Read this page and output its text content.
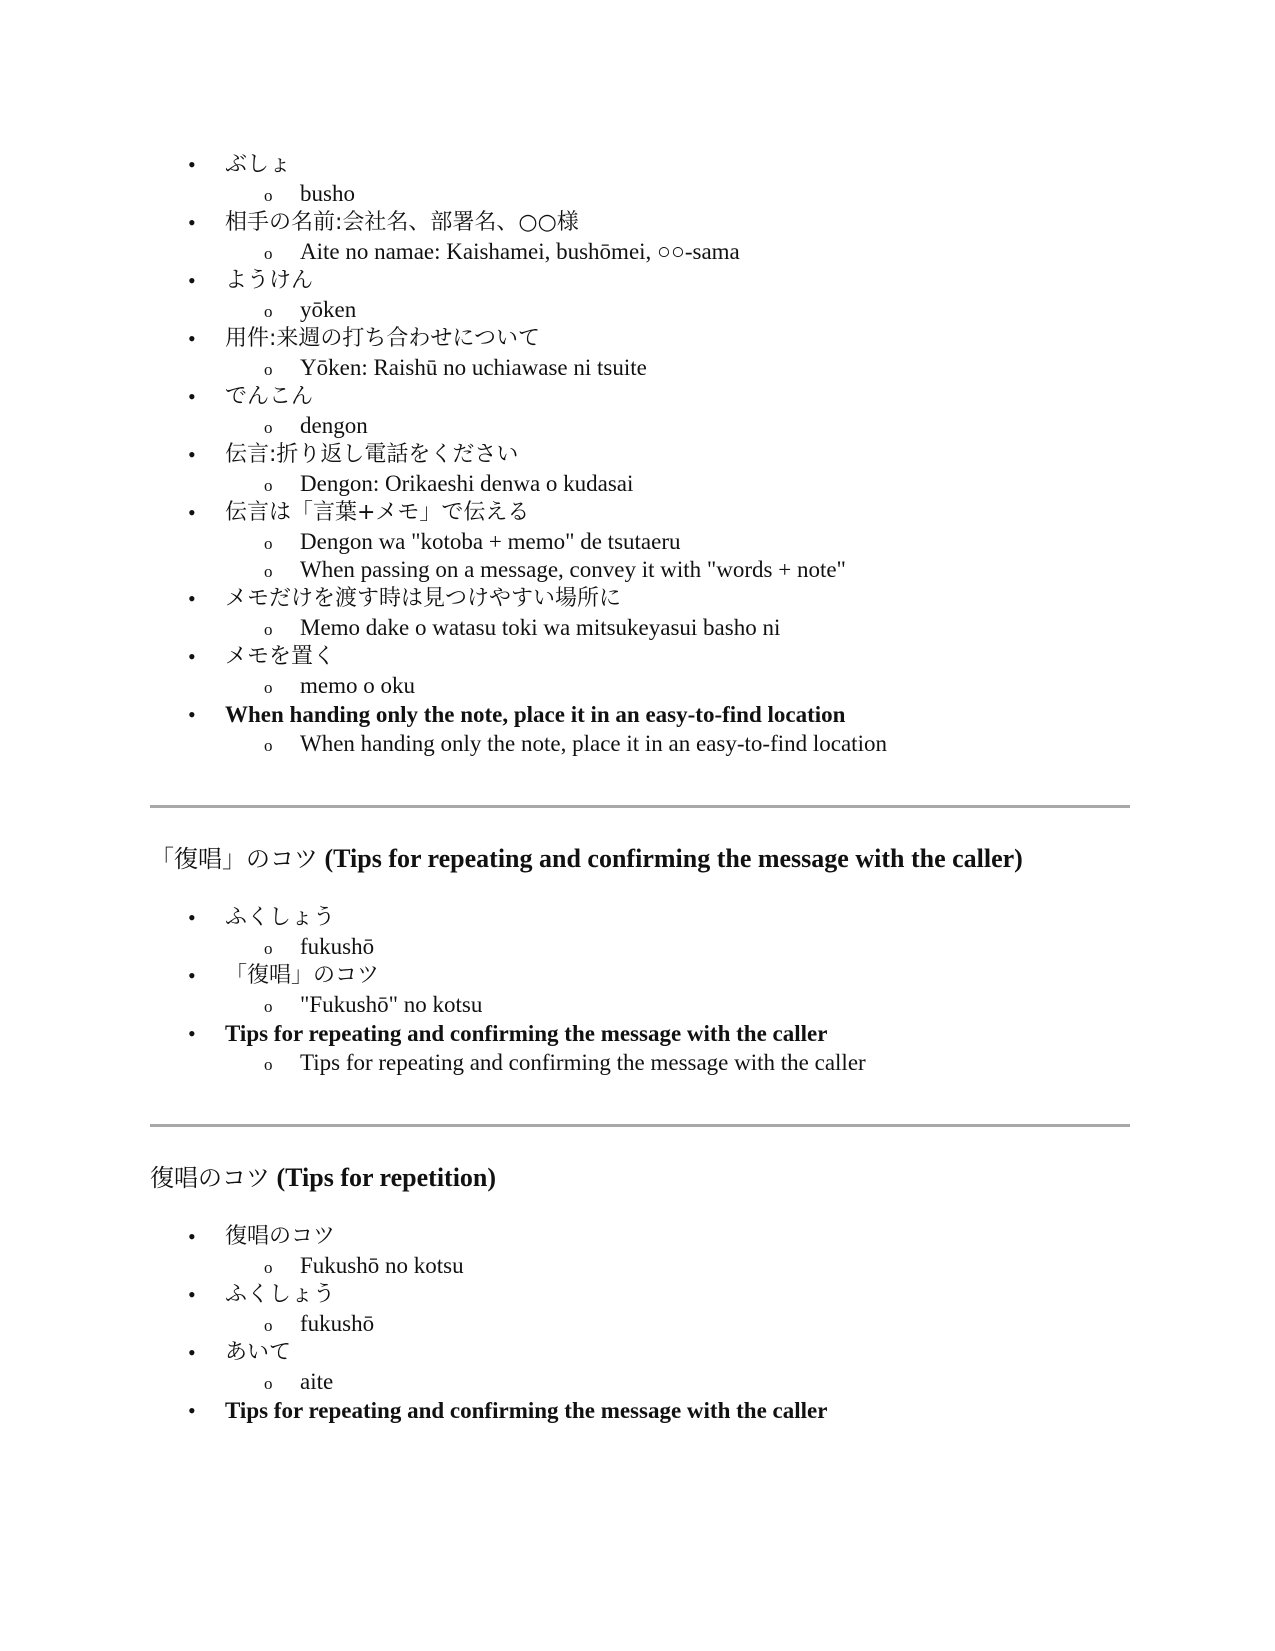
• ぶしょ
o busho
• 相手の名前:会社名、部署名、○○様
o Aite no namae: Kaishamei, bushōmei, ○○-sama
• ようけん
o yōken
• 用件:来週の打ち合わせについて
o Yōken: Raishū no uchiawase ni tsuite
• でんこん
o dengon
• 伝言:折り返し電話をください
o Dengon: Orikaeshi denwa o kudasai
• 伝言は「言葉+メモ」で伝える
o Dengon wa "kotoba + memo" de tsutaeru
o When passing on a message, convey it with "words + note"
• メモだけを渡す時は見つけやすい場所に
o Memo dake o watasu toki wa mitsukeyasui basho ni
• メモを置く
o memo o oku
• When handing only the note, place it in an easy-to-find location
o When handing only the note, place it in an easy-to-find location
「復唱」のコツ (Tips for repeating and confirming the message with the caller)
• ふくしょう
o fukushō
• 「復唱」のコツ
o "Fukushō" no kotsu
• Tips for repeating and confirming the message with the caller
o Tips for repeating and confirming the message with the caller
復唱のコツ (Tips for repetition)
• 復唱のコツ
o Fukushō no kotsu
• ふくしょう
o fukushō
• あいて
o aite
• Tips for repeating and confirming the message with the caller
